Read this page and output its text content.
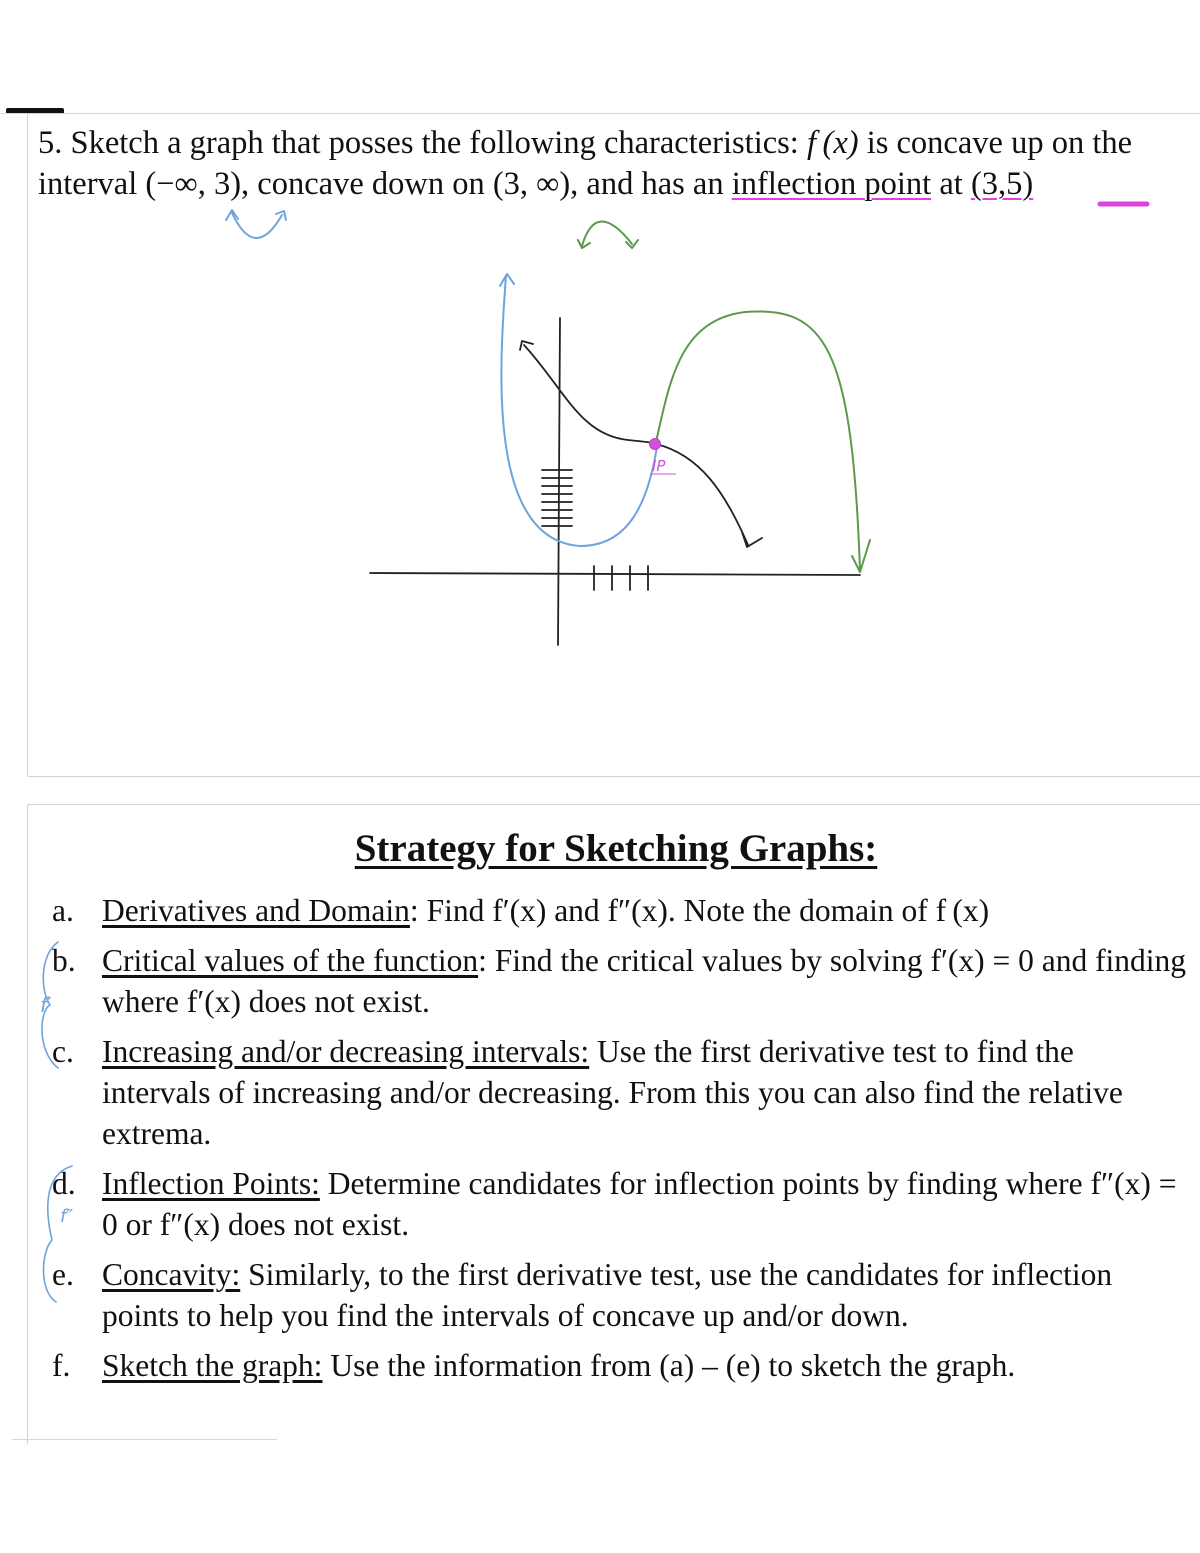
5. Sketch a graph that posses the following characteristics: f (x) is concave up on the interval (−∞, 3), concave down on (3, ∞), and has an inflection point at (3,5)
IP
Strategy for Sketching Graphs:
a. Derivatives and Domain: Find f′(x) and f″(x). Note the domain of f (x)
b. Critical values of the function: Find the critical values by solving f′(x) = 0 and finding where f′(x) does not exist.
c. Increasing and/or decreasing intervals: Use the first derivative test to find the intervals of increasing and/or decreasing. From this you can also find the relative extrema.
d. Inflection Points: Determine candidates for inflection points by finding where f″(x) = 0 or f″(x) does not exist.
e. Concavity: Similarly, to the first derivative test, use the candidates for inflection points to help you find the intervals of concave up and/or down.
f.	Sketch the graph: Use the information from (a) – (e) to sketch the graph.
f′
f″
